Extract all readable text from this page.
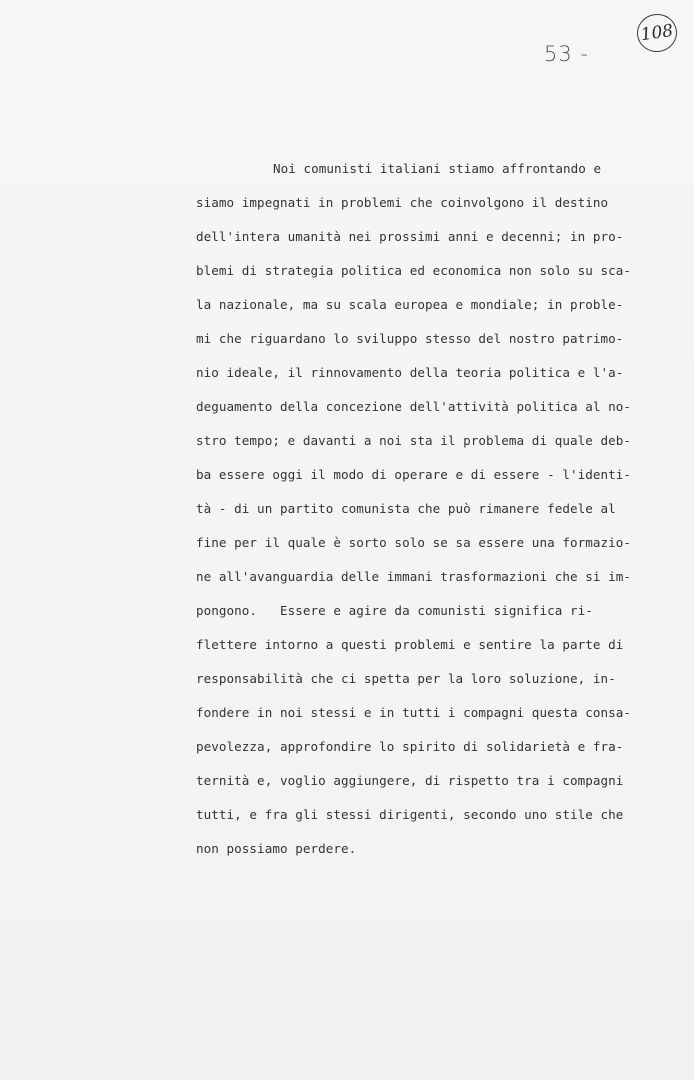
108
53 -
Noi comunisti italiani stiamo affrontando e
siamo impegnati in problemi che coinvolgono il destino
dell'intera umanità nei prossimi anni e decenni; in pro-
blemi di strategia politica ed economica non solo su sca-
la nazionale, ma su scala europea e mondiale; in proble-
mi che riguardano lo sviluppo stesso del nostro patrimo-
nio ideale, il rinnovamento della teoria politica e l'a-
deguamento della concezione dell'attività politica al no-
stro tempo; e davanti a noi sta il problema di quale deb-
ba essere oggi il modo di operare e di essere - l'identi-
tà - di un partito comunista che può rimanere fedele al
fine per il quale è sorto solo se sa essere una formazio-
ne all'avanguardia delle immani trasformazioni che si im-
pongono.   Essere e agire da comunisti significa ri-
flettere intorno a questi problemi e sentire la parte di
responsabilità che ci spetta per la loro soluzione, in-
fondere in noi stessi e in tutti i compagni questa consa-
pevolezza, approfondire lo spirito di solidarietà e fra-
ternità e, voglio aggiungere, di rispetto tra i compagni
tutti, e fra gli stessi dirigenti, secondo uno stile che
non possiamo perdere.
